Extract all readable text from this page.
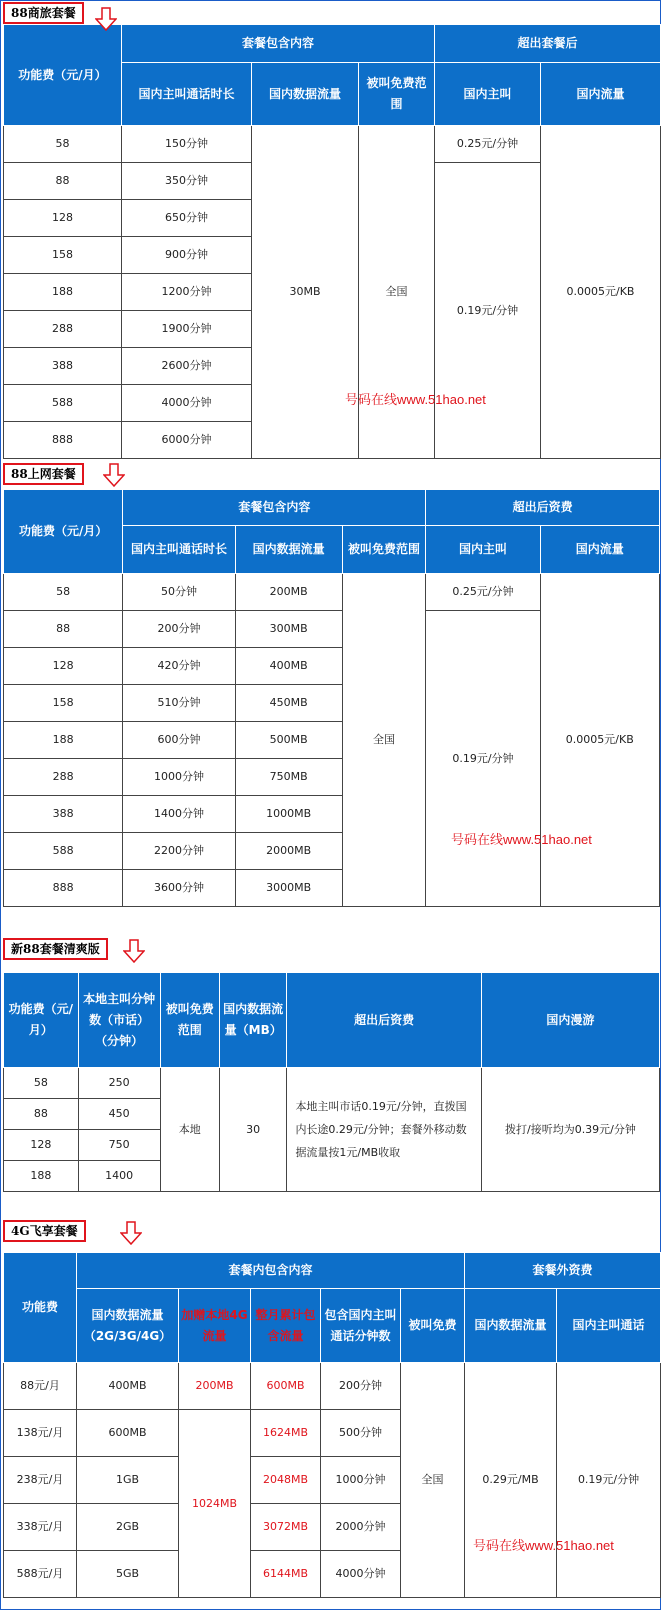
88商旅套餐
功能费（元/月）	套餐包含内容			超出套餐后	
	国内主叫通话时长	国内数据流量	被叫免费范围	国内主叫	国内流量
58	150分钟	30MB	全国	0.25元/分钟	0.0005元/KB
88	350分钟			0.19元/分钟	
128	650分钟				
158	900分钟				
188	1200分钟				
288	1900分钟				
388	2600分钟				
588	4000分钟				
888	6000分钟				
号码在线www.51hao.net
88上网套餐
功能费（元/月）	套餐包含内容			超出后资费	
	国内主叫通话时长	国内数据流量	被叫免费范围	国内主叫	国内流量
58	50分钟	200MB	全国	0.25元/分钟	0.0005元/KB
88	200分钟	300MB		0.19元/分钟	
128	420分钟	400MB			
158	510分钟	450MB			
188	600分钟	500MB			
288	1000分钟	750MB			
388	1400分钟	1000MB			
588	2200分钟	2000MB			
888	3600分钟	3000MB			
号码在线www.51hao.net
新88套餐清爽版
功能费（元/月）	本地主叫分钟数（市话）（分钟）	被叫免费范围	国内数据流量（MB）	超出后资费	国内漫游
58	250	本地	30	本地主叫市话0.19元/分钟，直拨国内长途0.29元/分钟；套餐外移动数据流量按1元/MB收取	拨打/接听均为0.39元/分钟
88	450				
128	750				
188	1400				
4G飞享套餐
功能费	套餐内包含内容					套餐外资费	
	国内数据流量（2G/3G/4G）	加赠本地4G流量	整月累计包含流量	包含国内主叫通话分钟数	被叫免费	国内数据流量	国内主叫通话
88元/月	400MB	200MB	600MB	200分钟	全国	0.29元/MB	0.19元/分钟
138元/月	600MB	1024MB	1624MB	500分钟			
238元/月	1GB		2048MB	1000分钟			
338元/月	2GB		3072MB	2000分钟			
588元/月	5GB		6144MB	4000分钟			
号码在线www.51hao.net
